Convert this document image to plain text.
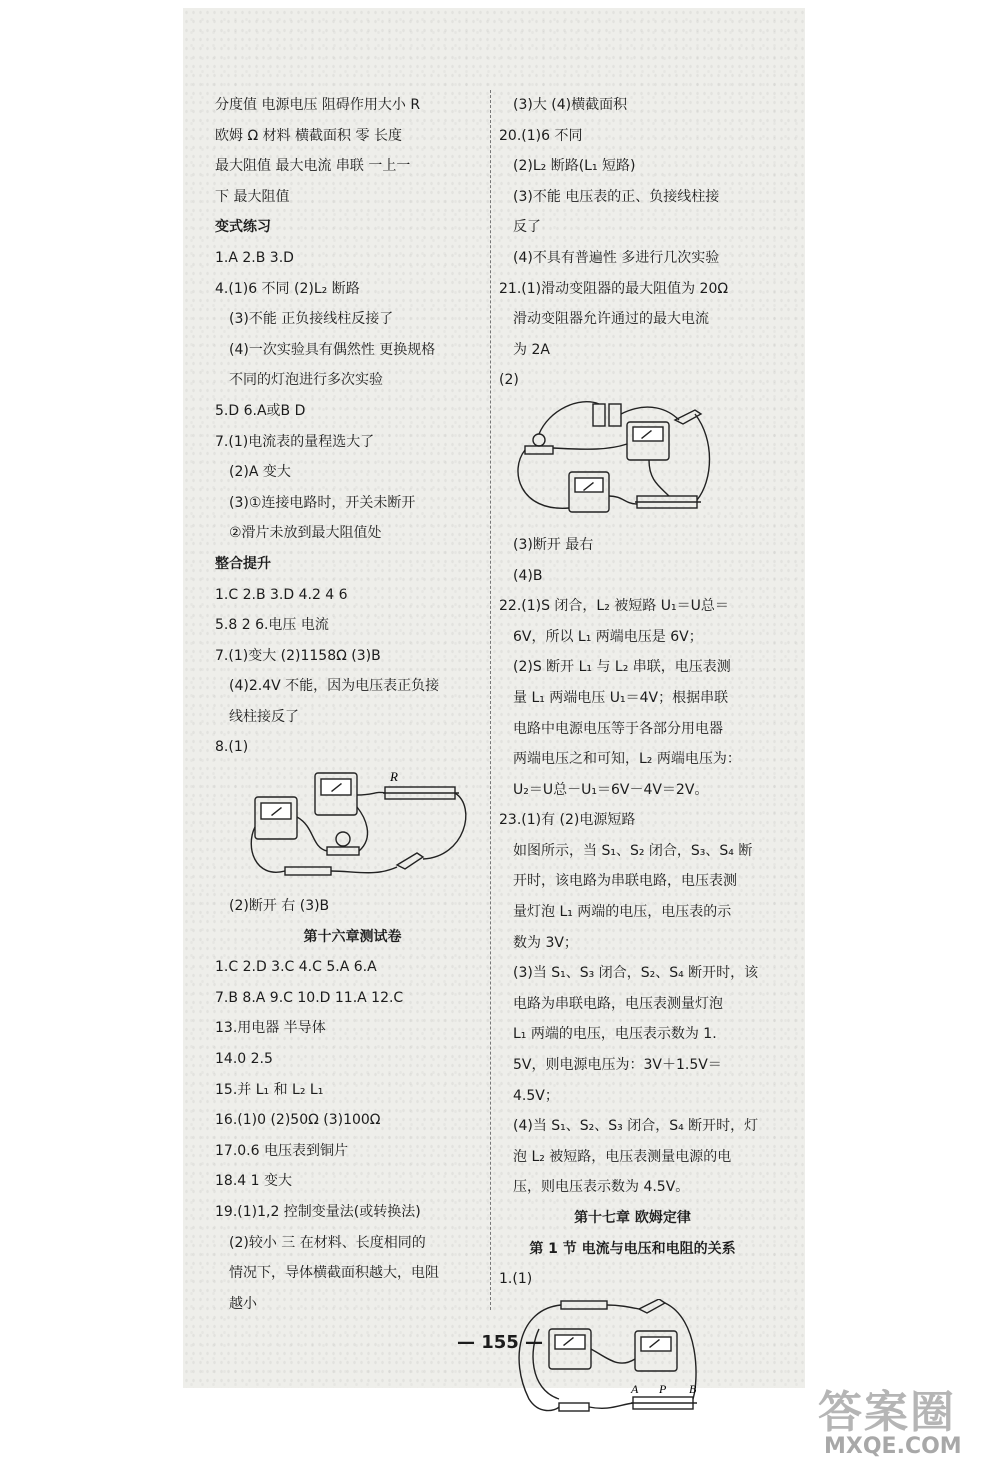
分度值 电源电压 阻碍作用大小 R
欧姆 Ω 材料 横截面积 零 长度
最大阻值 最大电流 串联 一上一
下 最大阻值
变式练习
1.A 2.B 3.D
4.(1)6 不同 (2)L₂ 断路
(3)不能 正负接线柱反接了
(4)一次实验具有偶然性 更换规格
不同的灯泡进行多次实验
5.D 6.A或B D
7.(1)电流表的量程选大了
(2)A 变大
(3)①连接电路时，开关未断开
②滑片未放到最大阻值处
整合提升
1.C 2.B 3.D 4.2 4 6
5.8 2 6.电压 电流
7.(1)变大 (2)1158Ω (3)B
(4)2.4V 不能，因为电压表正负接
线柱接反了
8.(1)
R
(2)断开 右 (3)B
第十六章测试卷
1.C 2.D 3.C 4.C 5.A 6.A
7.B 8.A 9.C 10.D 11.A 12.C
13.用电器 半导体
14.0 2.5
15.并 L₁ 和 L₂ L₁
16.(1)0 (2)50Ω (3)100Ω
17.0.6 电压表到铜片
18.4 1 变大
19.(1)1,2 控制变量法(或转换法)
(2)较小 三 在材料、长度相同的
情况下，导体横截面积越大，电阻
越小
(3)大 (4)横截面积
20.(1)6 不同
(2)L₂ 断路(L₁ 短路)
(3)不能 电压表的正、负接线柱接
反了
(4)不具有普遍性 多进行几次实验
21.(1)滑动变阻器的最大阻值为 20Ω
滑动变阻器允许通过的最大电流
为 2A
(2)
(3)断开 最右
(4)B
22.(1)S 闭合，L₂ 被短路 U₁＝U总＝
6V，所以 L₁ 两端电压是 6V；
(2)S 断开 L₁ 与 L₂ 串联，电压表测
量 L₁ 两端电压 U₁＝4V；根据串联
电路中电源电压等于各部分用电器
两端电压之和可知，L₂ 两端电压为：
U₂＝U总－U₁＝6V－4V＝2V。
23.(1)有 (2)电源短路
如图所示，当 S₁、S₂ 闭合，S₃、S₄ 断
开时，该电路为串联电路，电压表测
量灯泡 L₁ 两端的电压，电压表的示
数为 3V；
(3)当 S₁、S₃ 闭合，S₂、S₄ 断开时，该
电路为串联电路，电压表测量灯泡
L₁ 两端的电压，电压表示数为 1.
5V，则电源电压为：3V＋1.5V＝
4.5V；
(4)当 S₁、S₂、S₃ 闭合，S₄ 断开时，灯
泡 L₂ 被短路，电压表测量电源的电
压，则电压表示数为 4.5V。
第十七章 欧姆定律
第 1 节 电流与电压和电阻的关系
1.(1)
A P B
— 155 —
答案圈
MXQE.COM
